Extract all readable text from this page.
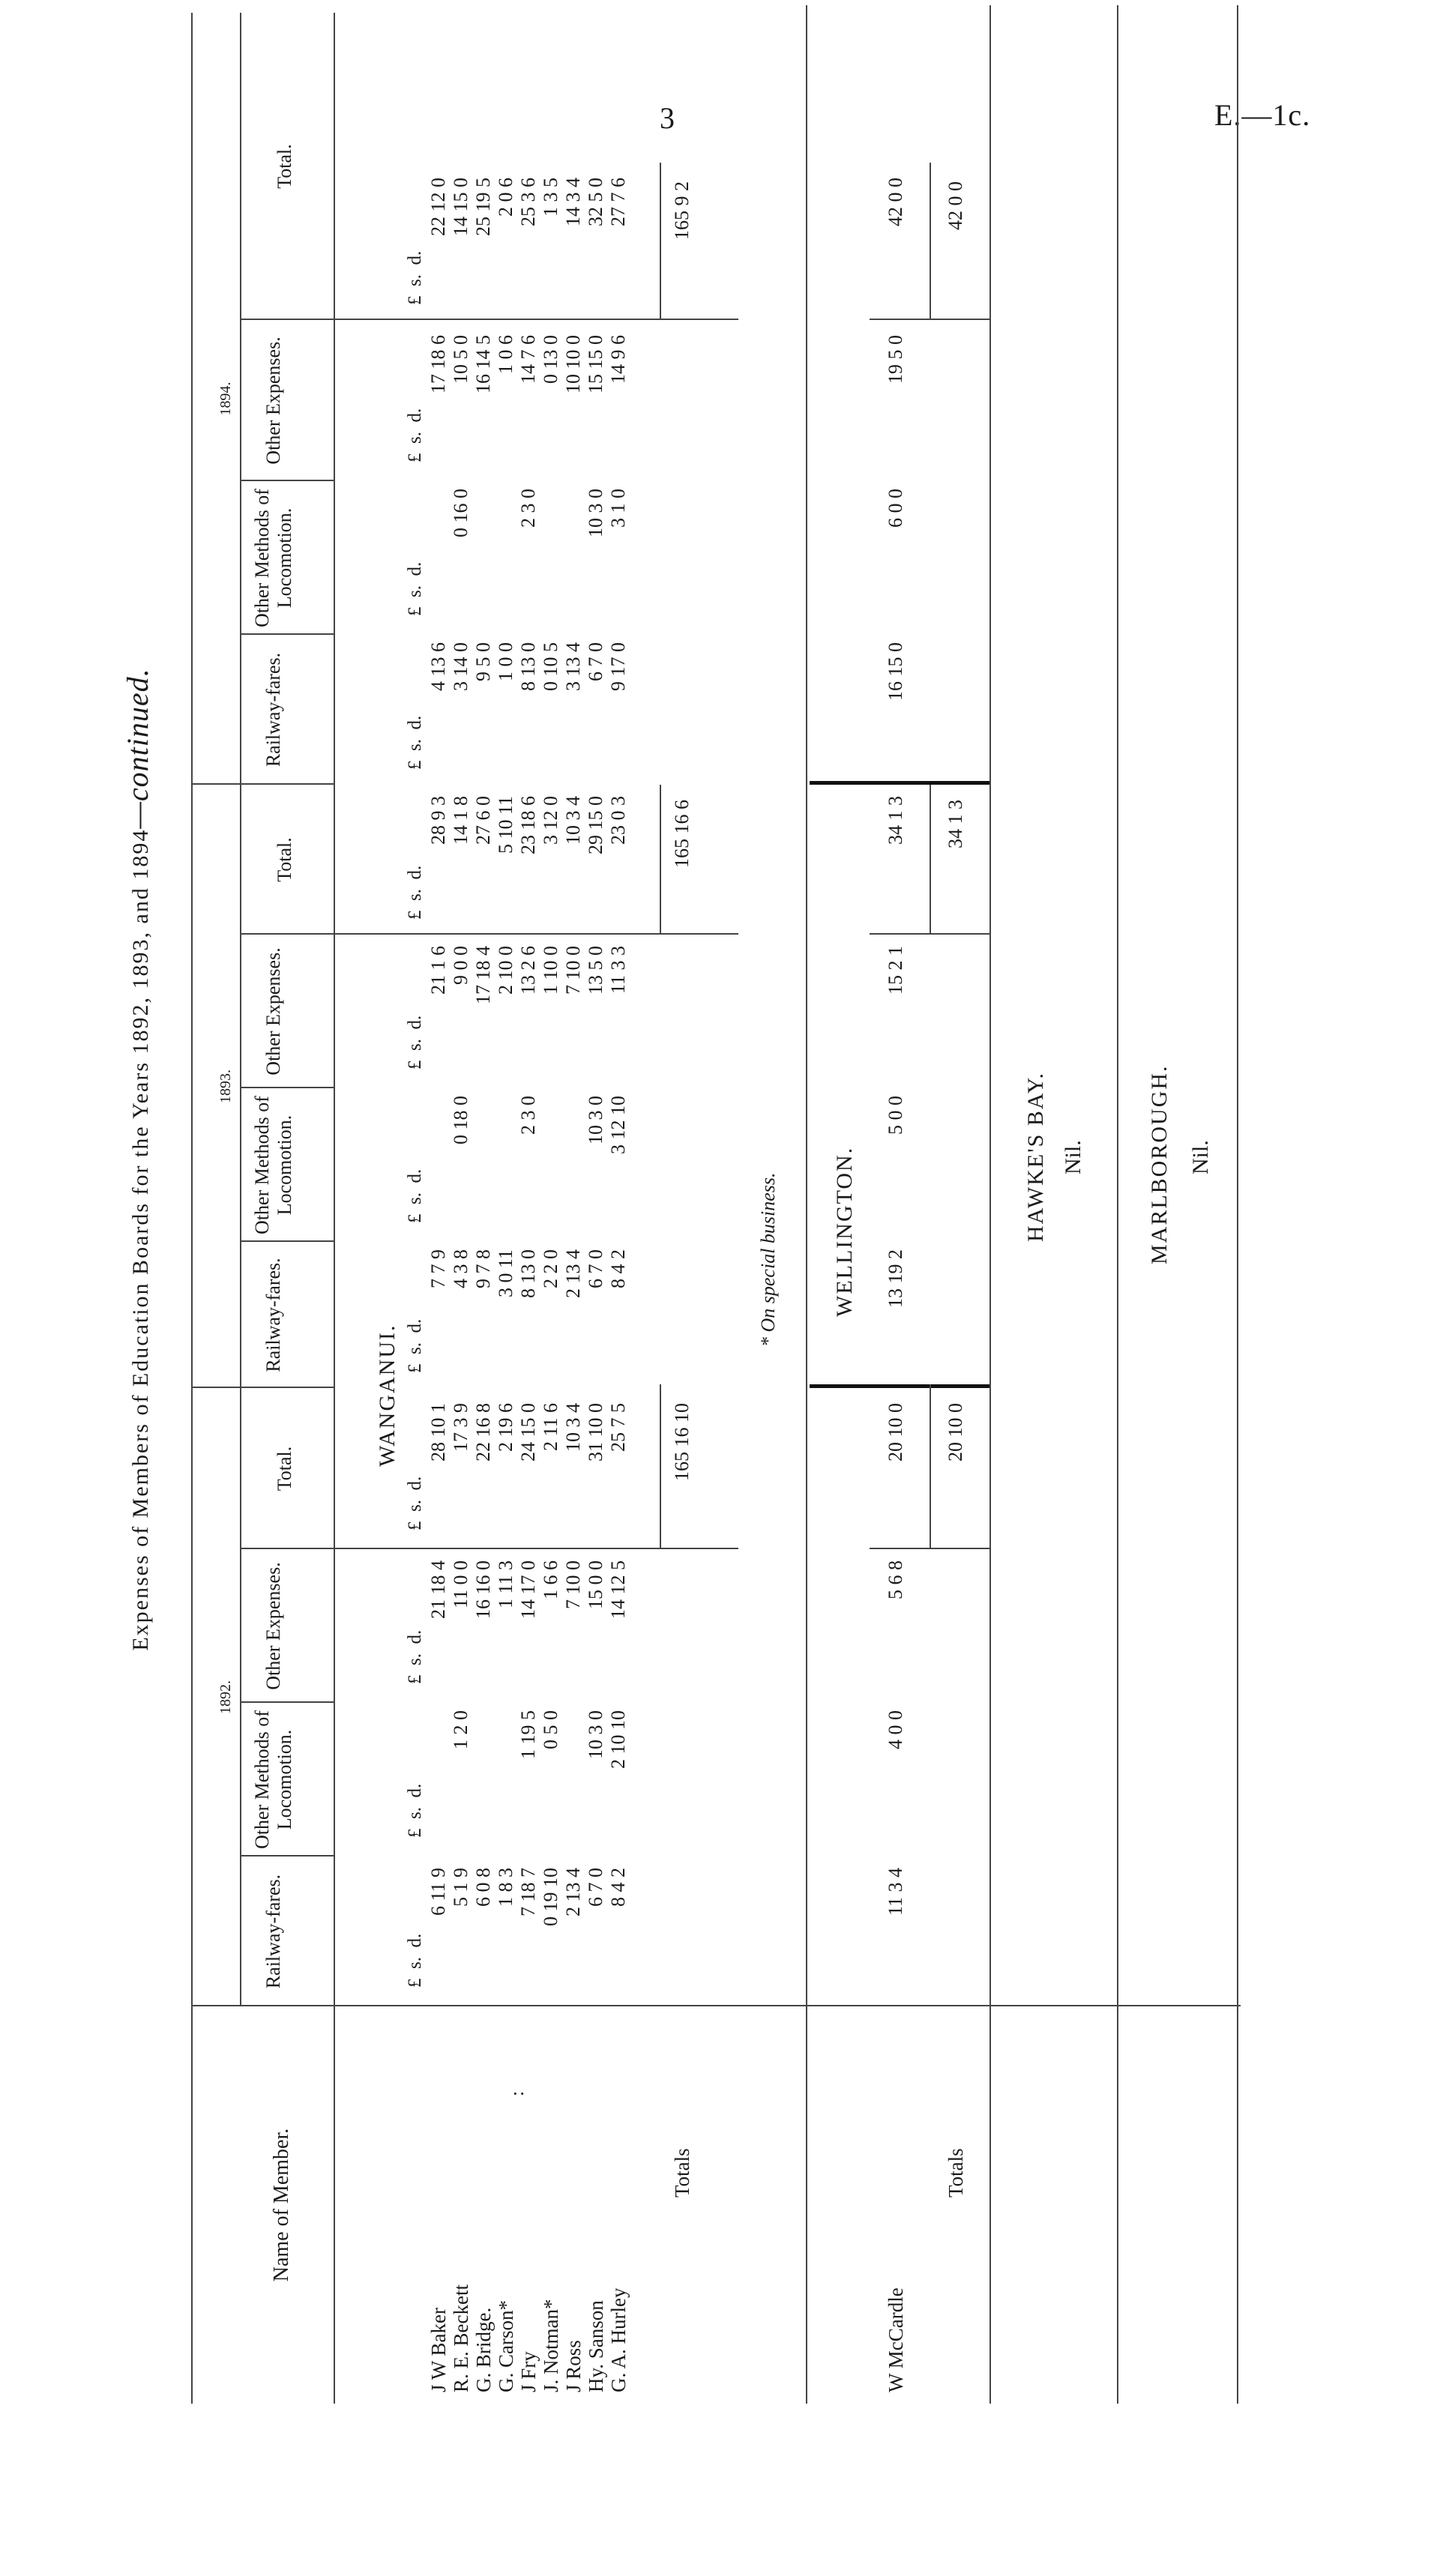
3	E.—1c.
Expenses of Members of Education Boards for the Years 1892, 1893, and 1894—continued.
Name of Member.
1892.
1893.
1894.
Railway-fares.
Other Methods of Locomotion.
Other Expenses.
Total.
Railway-fares.
Other Methods of Locomotion.
Other Expenses.
Total.
Railway-fares.
Other Methods of Locomotion.
Other Expenses.
Total.
£  s.  d.
£  s.  d.
£  s.  d.
£  s.  d.
£  s.  d.
£  s.  d.
£  s.  d.
£  s.  d.
£  s.  d.
£  s.  d.
£  s.  d.
£  s.  d.
WANGANUI.
J W Baker R. E. Beckett G. Bridge. G. Carson* J Fry J. Notman* J Ross Hy. Sanson G. A. Hurley
:
6 11 9
21 18 4
28 10 1
7 7 9
21 1 6
28 9 3
4 13 6
17 18 6
22 12 0
5 1 9
1 2 0
11 0 0
17 3 9
4 3 8
0 18 0
9 0 0
14 1 8
3 14 0
0 16 0
10 5 0
14 15 0
6 0 8
16 16 0
22 16 8
9 7 8
17 18 4
27 6 0
9 5 0
16 14 5
25 19 5
1 8 3
1 11 3
2 19 6
3 0 11
2 10 0
5 10 11
1 0 0
1 0 6
2 0 6
7 18 7
1 19 5
14 17 0
24 15 0
8 13 0
2 3 0
13 2 6
23 18 6
8 13 0
2 3 0
14 7 6
25 3 6
0 19 10
0 5 0
1 6 6
2 11 6
2 2 0
1 10 0
3 12 0
0 10 5
0 13 0
1 3 5
2 13 4
7 10 0
10 3 4
2 13 4
7 10 0
10 3 4
3 13 4
10 10 0
14 3 4
6 7 0
10 3 0
15 0 0
31 10 0
6 7 0
10 3 0
13 5 0
29 15 0
6 7 0
10 3 0
15 15 0
32 5 0
8 4 2
2 10 10
14 12 5
25 7 5
8 4 2
3 12 10
11 3 3
23 0 3
9 17 0
3 1 0
14 9 6
27 7 6
Totals
165 16 10
165 16 6
165 9 2
* On special business. WELLINGTON.
W McCardle
11 3 4
4 0 0
5 6 8
20 10 0
13 19 2
5 0 0
15 2 1
34 1 3
16 15 0
6 0 0
19 5 0
42 0 0
Totals
20 10 0
34 1 3
42 0 0
HAWKE'S BAY. Nil.	MARLBOROUGH. Nil.
